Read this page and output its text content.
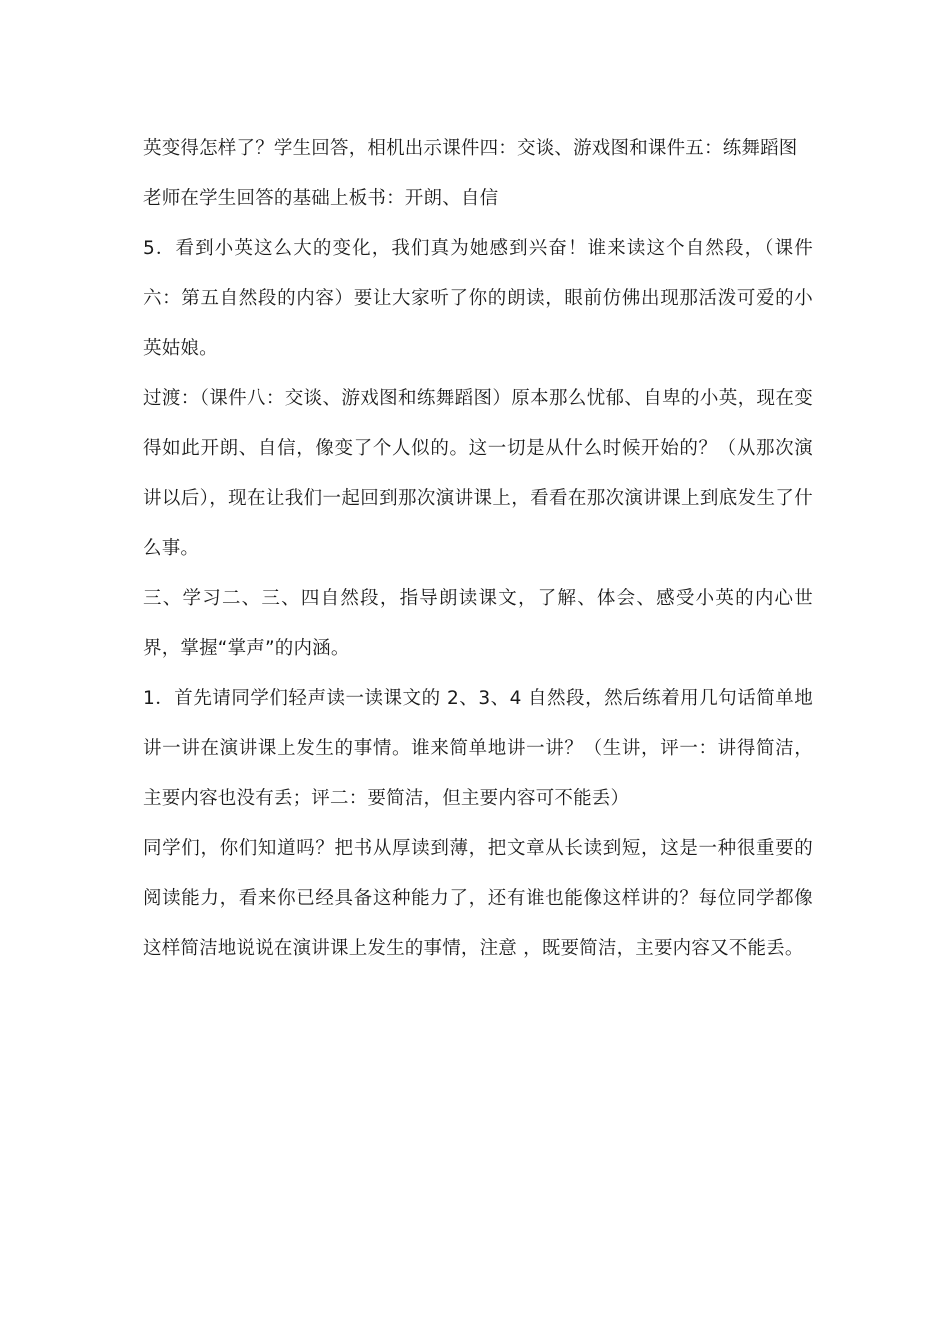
英变得怎样了？学生回答，相机出示课件四：交谈、游戏图和课件五：练舞蹈图

老师在学生回答的基础上板书：开朗、自信

5．看到小英这么大的变化，我们真为她感到兴奋！谁来读这个自然段，（课件六：第五自然段的内容）要让大家听了你的朗读，眼前仿佛出现那活泼可爱的小英姑娘。

过渡：（课件八：交谈、游戏图和练舞蹈图）原本那么忧郁、自卑的小英，现在变得如此开朗、自信，像变了个人似的。这一切是从什么时候开始的？（从那次演讲以后），现在让我们一起回到那次演讲课上，看看在那次演讲课上到底发生了什么事。

三、学习二、三、四自然段，指导朗读课文，了解、体会、感受小英的内心世界，掌握“掌声”的内涵。

1．首先请同学们轻声读一读课文的 2、3、4 自然段，然后练着用几句话简单地讲一讲在演讲课上发生的事情。谁来简单地讲一讲？（生讲，评一：讲得简洁，主要内容也没有丢；评二：要简洁，但主要内容可不能丢）

同学们，你们知道吗？把书从厚读到薄，把文章从长读到短，这是一种很重要的阅读能力，看来你已经具备这种能力了，还有谁也能像这样讲的？每位同学都像这样简洁地说说在演讲课上发生的事情，注意 ，既要简洁，主要内容又不能丢。
